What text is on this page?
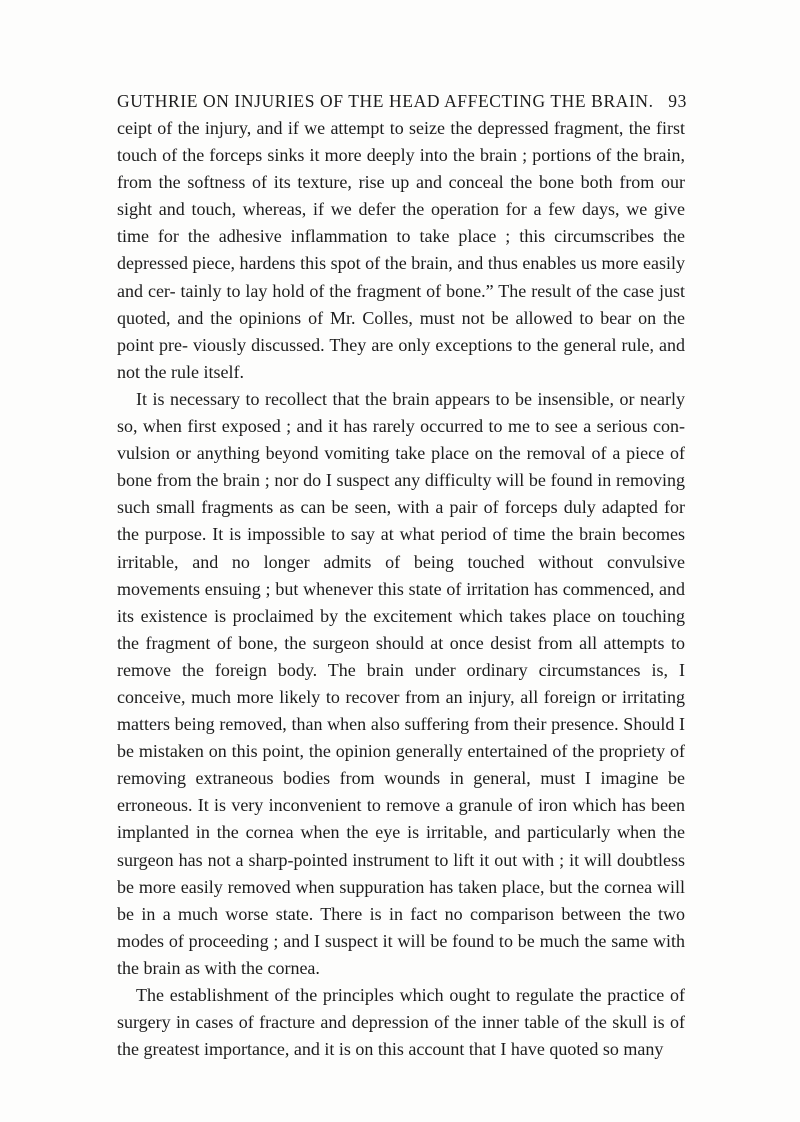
GUTHRIE ON INJURIES OF THE HEAD AFFECTING THE BRAIN. 93

ceipt of the injury, and if we attempt to seize the depressed fragment, the first touch of the forceps sinks it more deeply into the brain ; portions of the brain, from the softness of its texture, rise up and conceal the bone both from our sight and touch, whereas, if we defer the operation for a few days, we give time for the adhesive inflammation to take place ; this circumscribes the depressed piece, hardens this spot of the brain, and thus enables us more easily and cer- tainly to lay hold of the fragment of bone.” The result of the case just quoted, and the opinions of Mr. Colles, must not be allowed to bear on the point pre- viously discussed. They are only exceptions to the general rule, and not the rule itself.

It is necessary to recollect that the brain appears to be insensible, or nearly so, when first exposed ; and it has rarely occurred to me to see a serious con- vulsion or anything beyond vomiting take place on the removal of a piece of bone from the brain ; nor do I suspect any difficulty will be found in removing such small fragments as can be seen, with a pair of forceps duly adapted for the purpose. It is impossible to say at what period of time the brain becomes irritable, and no longer admits of being touched without convulsive movements ensuing ; but whenever this state of irritation has commenced, and its existence is proclaimed by the excitement which takes place on touching the fragment of bone, the surgeon should at once desist from all attempts to remove the foreign body. The brain under ordinary circumstances is, I conceive, much more likely to recover from an injury, all foreign or irritating matters being removed, than when also suffering from their presence. Should I be mistaken on this point, the opinion generally entertained of the propriety of removing extraneous bodies from wounds in general, must I imagine be erroneous. It is very inconvenient to remove a granule of iron which has been implanted in the cornea when the eye is irritable, and particularly when the surgeon has not a sharp-pointed instrument to lift it out with ; it will doubtless be more easily removed when suppuration has taken place, but the cornea will be in a much worse state. There is in fact no comparison between the two modes of proceeding ; and I suspect it will be found to be much the same with the brain as with the cornea.

The establishment of the principles which ought to regulate the practice of surgery in cases of fracture and depression of the inner table of the skull is of the greatest importance, and it is on this account that I have quoted so many
